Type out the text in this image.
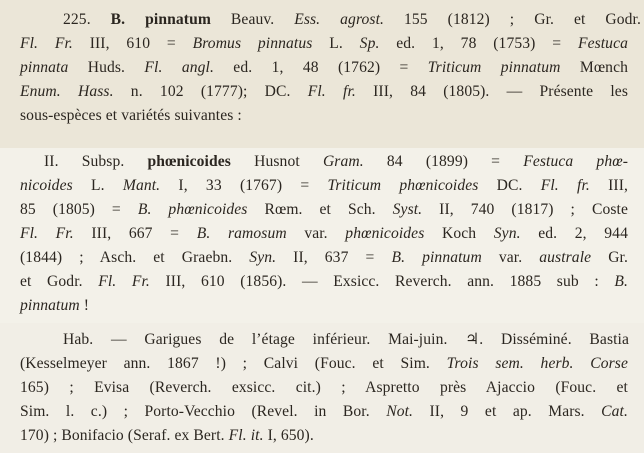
225. B. pinnatum Beauv. Ess. agrost. 155 (1812) ; Gr. et Godr.
Fl. Fr. III, 610 = Bromus pinnatus L. Sp. ed. 1, 78 (1753) = Festuca
pinnata Huds. Fl. angl. ed. 1, 48 (1762) = Triticum pinnatum Mœnch
Enum. Hass. n. 102 (1777); DC. Fl. fr. III, 84 (1805). — Présente les
sous-espèces et variétés suivantes :
II. Subsp. phœnicoides Husnot Gram. 84 (1899) = Festuca phœ-
nicoides L. Mant. I, 33 (1767) = Triticum phœnicoides DC. Fl. fr. III,
85 (1805) = B. phœnicoides Rœm. et Sch. Syst. II, 740 (1817) ; Coste
Fl. Fr. III, 667 = B. ramosum var. phœnicoides Koch Syn. ed. 2, 944
(1844) ; Asch. et Graebn. Syn. II, 637 = B. pinnatum var. australe Gr.
et Godr. Fl. Fr. III, 610 (1856). — Exsicc. Reverch. ann. 1885 sub : B.
pinnatum !
Hab. — Garigues de l’étage inférieur. Mai-juin. ♃. Disséminé. Bastia
(Kesselmeyer ann. 1867 !) ; Calvi (Fouc. et Sim. Trois sem. herb. Corse
165) ; Evisa (Reverch. exsicc. cit.) ; Aspretto près Ajaccio (Fouc. et
Sim. l. c.) ; Porto-Vecchio (Revel. in Bor. Not. II, 9 et ap. Mars. Cat.
170) ; Bonifacio (Seraf. ex Bert. Fl. it. I, 650).
